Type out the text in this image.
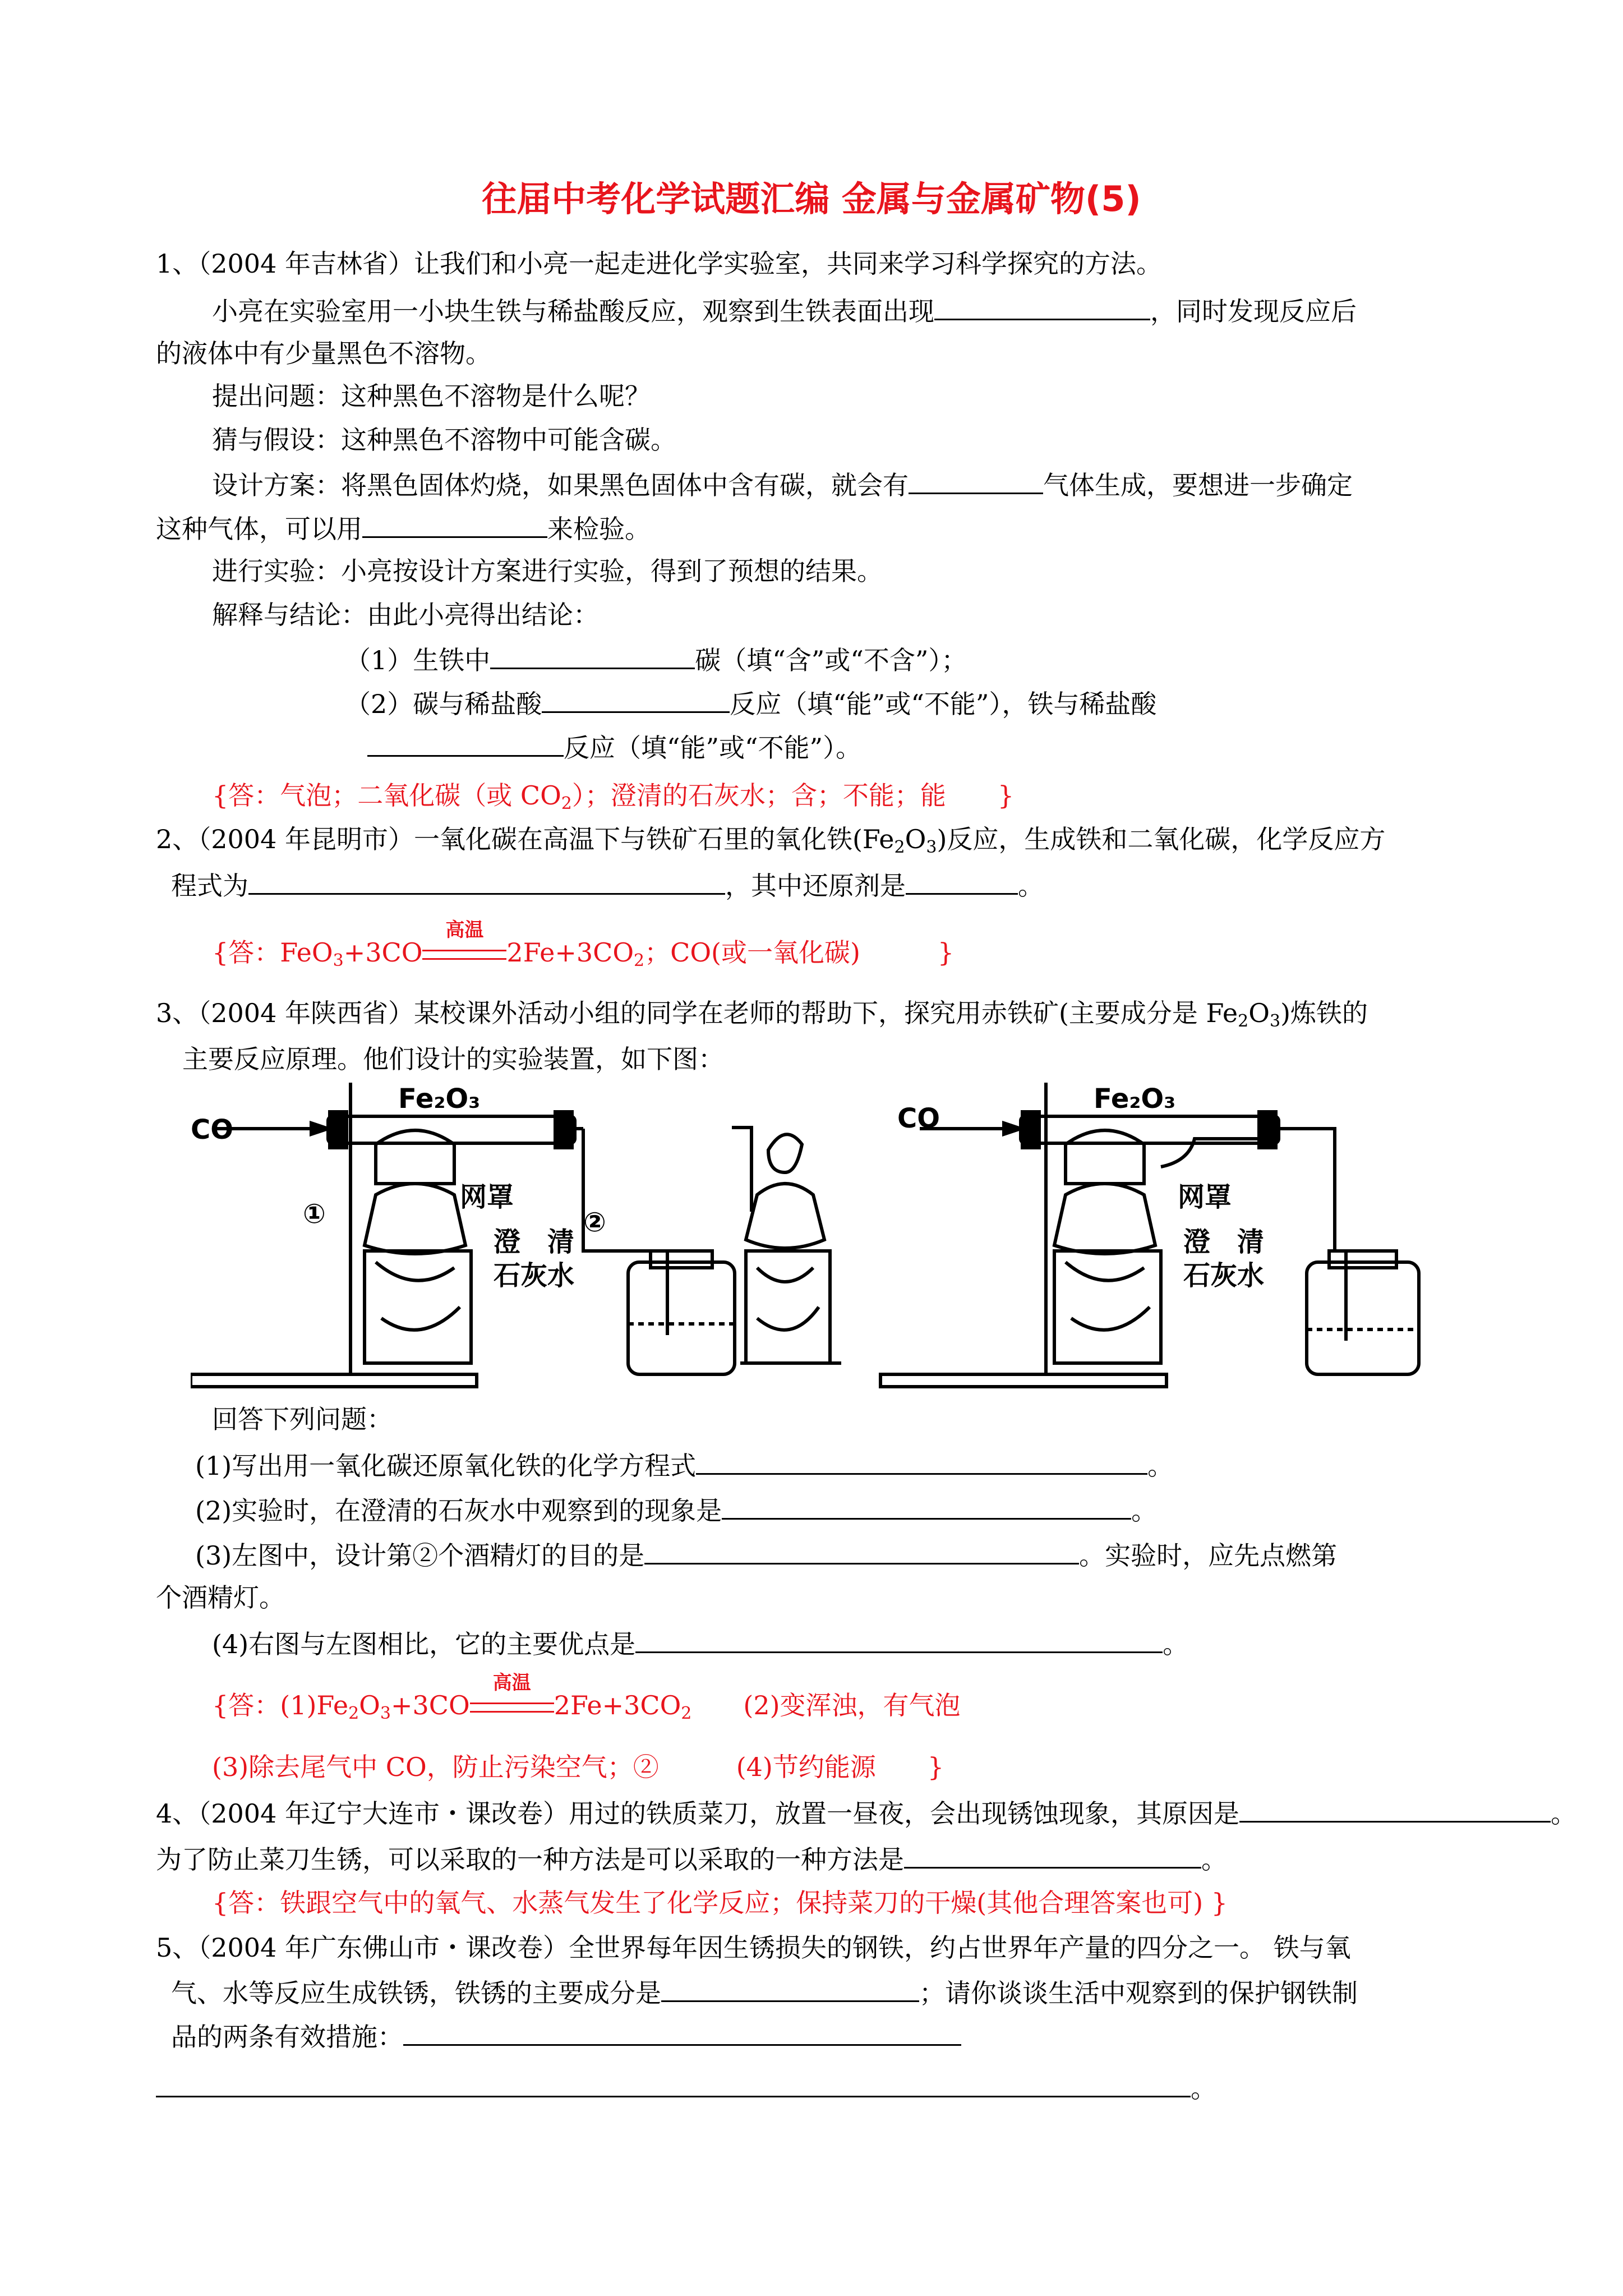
往届中考化学试题汇编 金属与金属矿物(5)
1、（2004 年吉林省）让我们和小亮一起走进化学实验室，共同来学习科学探究的方法。
小亮在实验室用一小块生铁与稀盐酸反应，观察到生铁表面出现	，同时发现反应后
的液体中有少量黑色不溶物。
提出问题：这种黑色不溶物是什么呢？
猜与假设：这种黑色不溶物中可能含碳。
设计方案：将黑色固体灼烧，如果黑色固体中含有碳，就会有	气体生成，要想进一步确定
这种气体，可以用	来检验。
进行实验：小亮按设计方案进行实验，得到了预想的结果。
解释与结论：由此小亮得出结论：
（1）生铁中	碳（填“含”或“不含”）；
（2）碳与稀盐酸	反应（填“能”或“不能”），铁与稀盐酸
反应（填“能”或“不能”）。
{答：气泡；二氧化碳（或 $CO_2$）；澄清的石灰水；含；不能；能　　}
2、（2004 年昆明市）一氧化碳在高温下与铁矿石里的氧化铁$(Fe_2O_3)$反应，生成铁和二氧化碳，化学反应方
程式为	，其中还原剂是	。
{答：FeO$_3$+3CO
高温
$2Fe+3CO_2$；CO(或一氧化碳)　　　}
3、（2004 年陕西省）某校课外活动小组的同学在老师的帮助下，探究用赤铁矿(主要成分是 $Fe_2O_3$)炼铁的
主要反应原理。他们设计的实验装置，如下图：
CO
Fe₂O₃
网罩
①	②
澄　清
石灰水
CO
Fe₂O₃
网罩
澄　清
石灰水
回答下列问题：
(1)写出用一氧化碳还原氧化铁的化学方程式	。
(2)实验时，在澄清的石灰水中观察到的现象是	。
(3)左图中，设计第②个酒精灯的目的是	。实验时，应先点燃第
个酒精灯。
(4)右图与左图相比，它的主要优点是	。
{答：$(1)Fe_2O_3+3CO$
高温
$2Fe+3CO_2$　　(2)变浑浊，有气泡
(3)除去尾气中 CO，防止污染空气；②　　　(4)节约能源　　}
4、（2004 年辽宁大连市・课改卷）用过的铁质菜刀，放置一昼夜，会出现锈蚀现象，其原因是	。
为了防止菜刀生锈，可以采取的一种方法是可以采取的一种方法是	。
{答：铁跟空气中的氧气、水蒸气发生了化学反应；保持菜刀的干燥(其他合理答案也可) }
5、（2004 年广东佛山市・课改卷）全世界每年因生锈损失的钢铁，约占世界年产量的四分之一。 铁与氧
气、水等反应生成铁锈，铁锈的主要成分是	；请你谈谈生活中观察到的保护钢铁制
品的两条有效措施：
。
